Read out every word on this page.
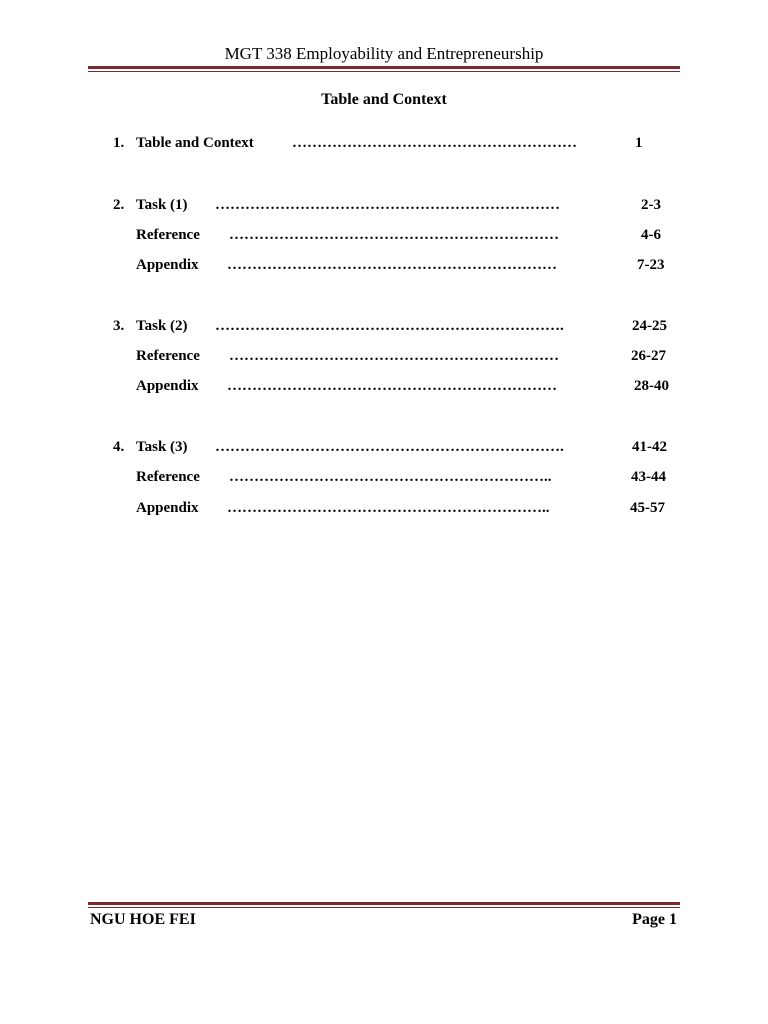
MGT 338 Employability and Entrepreneurship
Table and Context
1. Table and Context	…………………………………………………	1
2. Task (1) ……………………………………………………………	2-3
Reference …………………………………………………………	4-6
Appendix …………………………………………………………	7-23
3. Task (2) …………………………………………………………….	24-25
Reference …………………………………………………………	26-27
Appendix …………………………………………………………	28-40
4. Task (3) …………………………………………………………….	41-42
Reference ………………………………………………………..	43-44
Appendix ………………………………………………………..	45-57
NGU HOE FEI	Page 1
